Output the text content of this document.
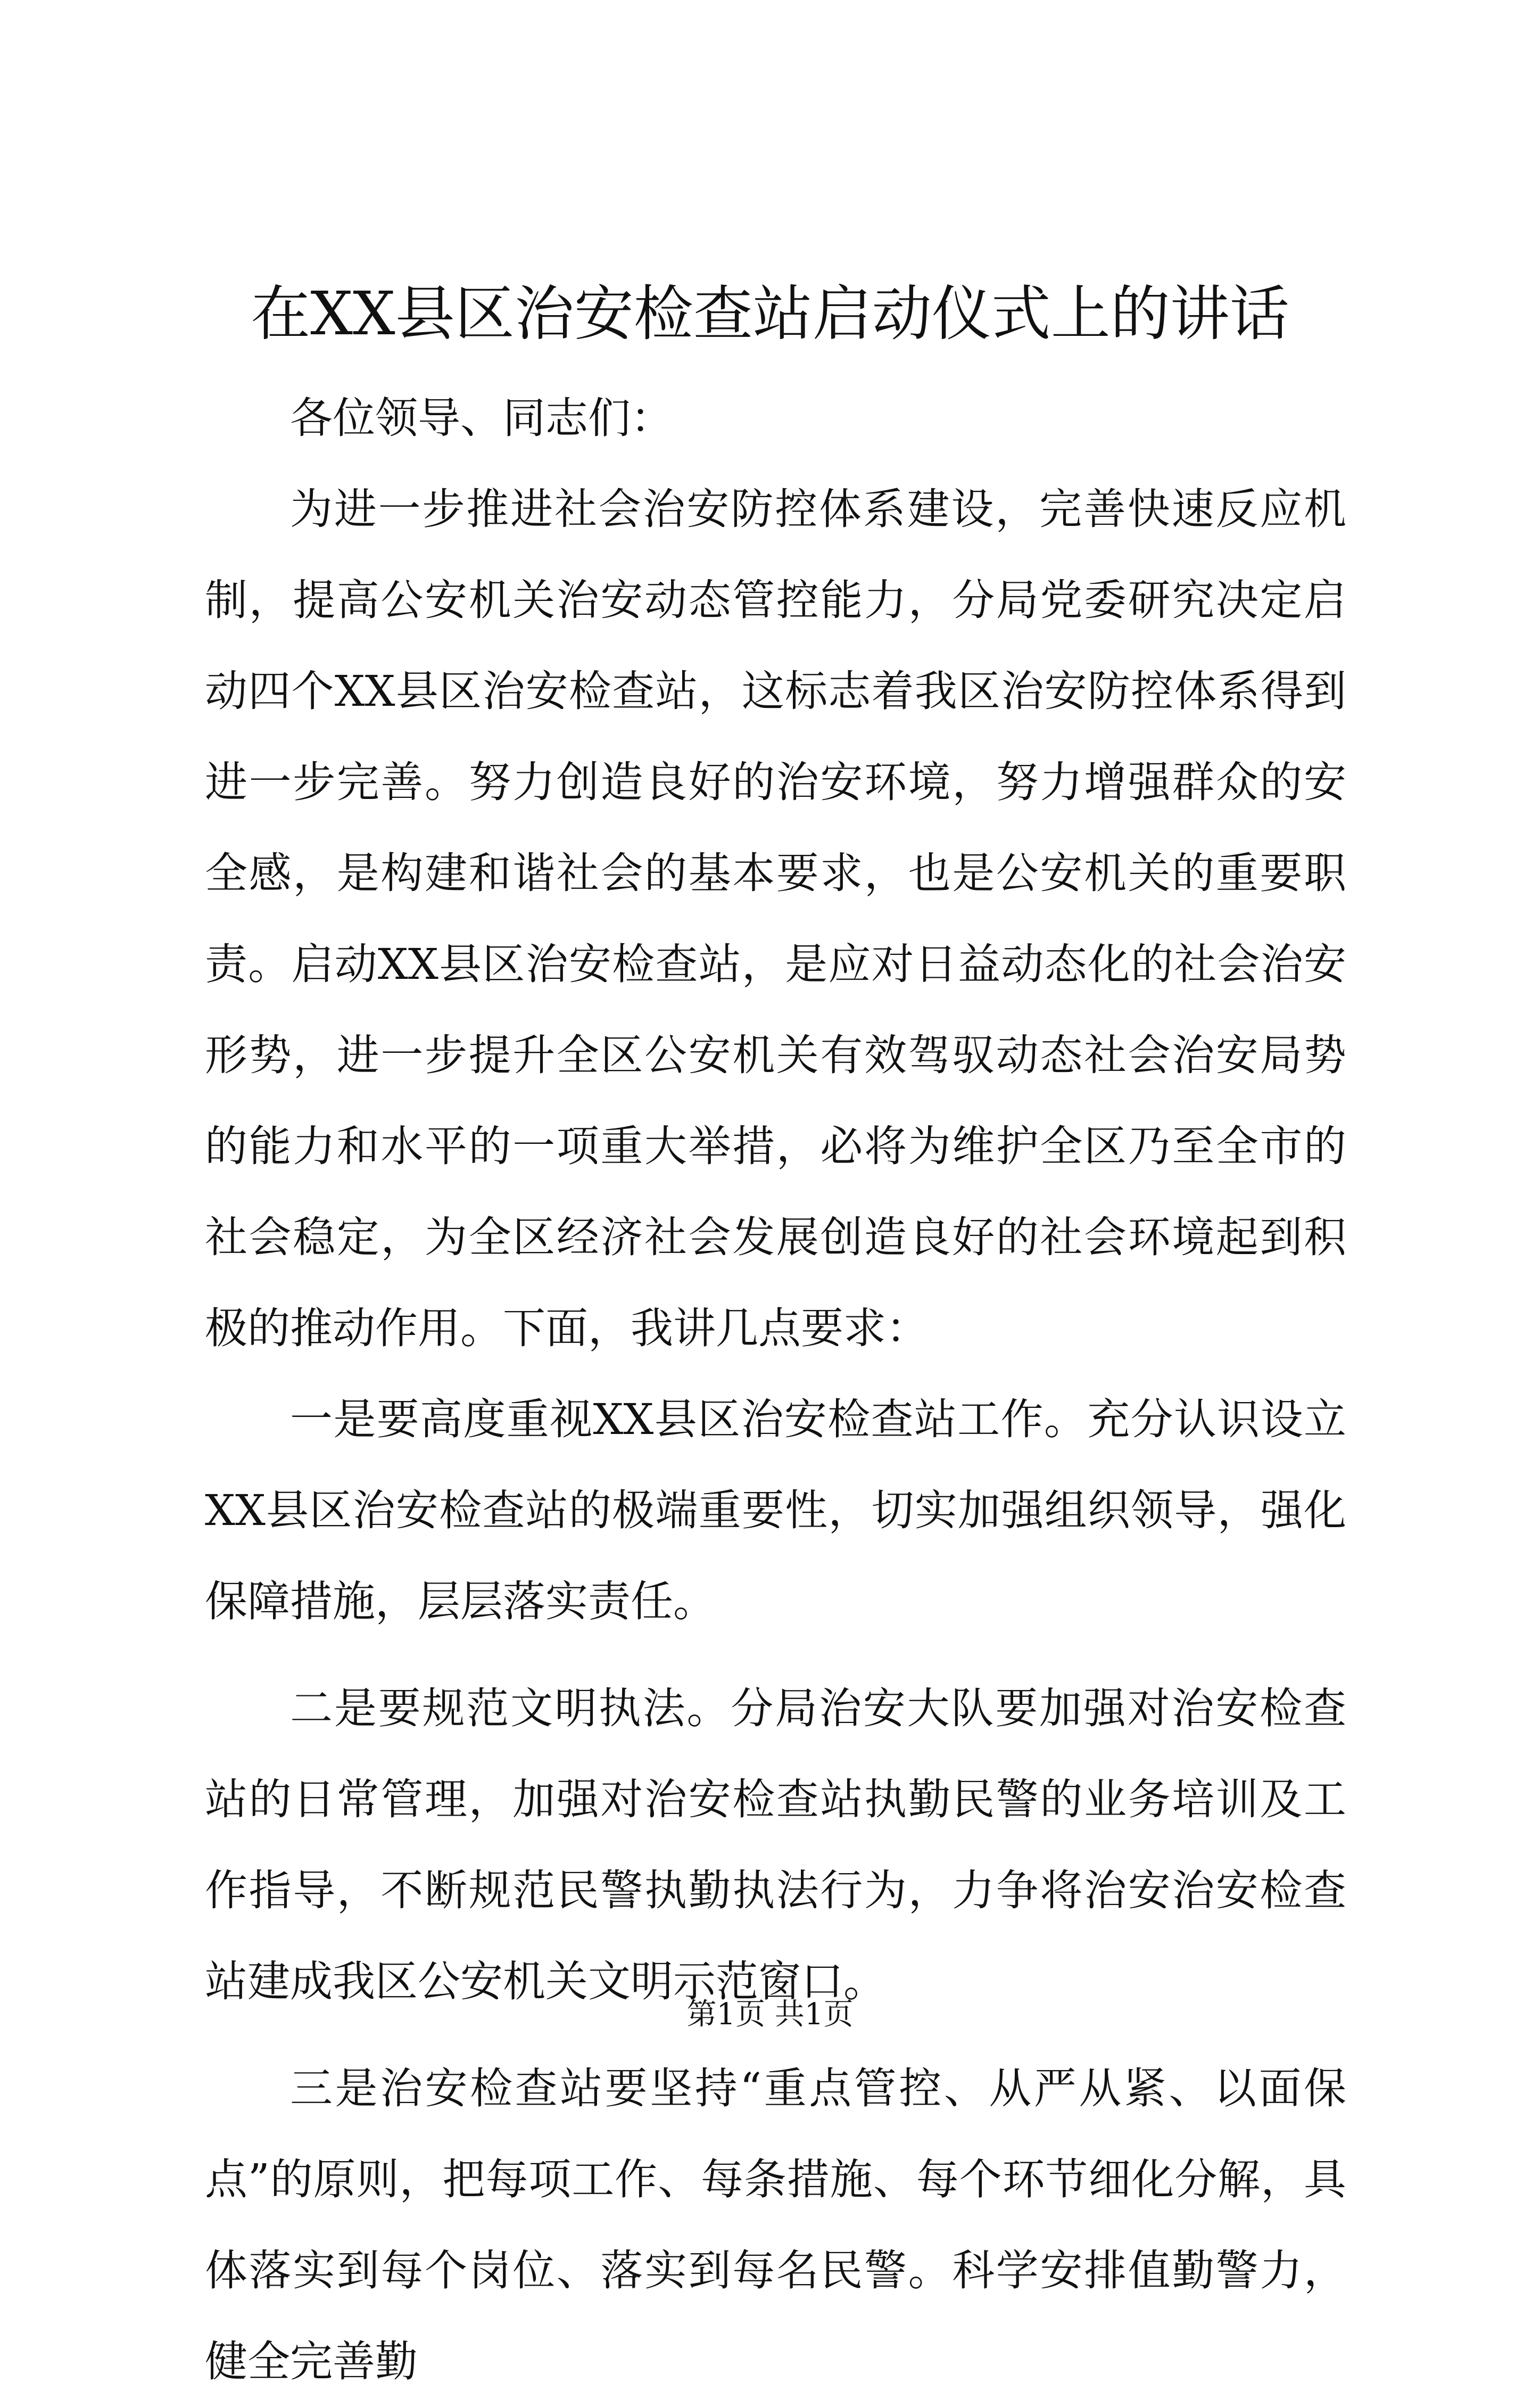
在XX县区治安检查站启动仪式上的讲话

各位领导、同志们：

为进一步推进社会治安防控体系建设，完善快速反应机制，提高公安机关治安动态管控能力，分局党委研究决定启动四个XX县区治安检查站，这标志着我区治安防控体系得到进一步完善。努力创造良好的治安环境，努力增强群众的安全感，是构建和谐社会的基本要求，也是公安机关的重要职责。启动XX县区治安检查站，是应对日益动态化的社会治安形势，进一步提升全区公安机关有效驾驭动态社会治安局势的能力和水平的一项重大举措，必将为维护全区乃至全市的社会稳定，为全区经济社会发展创造良好的社会环境起到积极的推动作用。下面，我讲几点要求：

一是要高度重视XX县区治安检查站工作。充分认识设立XX县区治安检查站的极端重要性，切实加强组织领导，强化保障措施，层层落实责任。

二是要规范文明执法。分局治安大队要加强对治安检查站的日常管理，加强对治安检查站执勤民警的业务培训及工作指导，不断规范民警执勤执法行为，力争将治安治安检查站建成我区公安机关文明示范窗口。

三是治安检查站要坚持“重点管控、从严从紧、以面保点”的原则，把每项工作、每条措施、每个环节细化分解，具体落实到每个岗位、落实到每名民警。科学安排值勤警力，健全完善勤

第1页 共1页
